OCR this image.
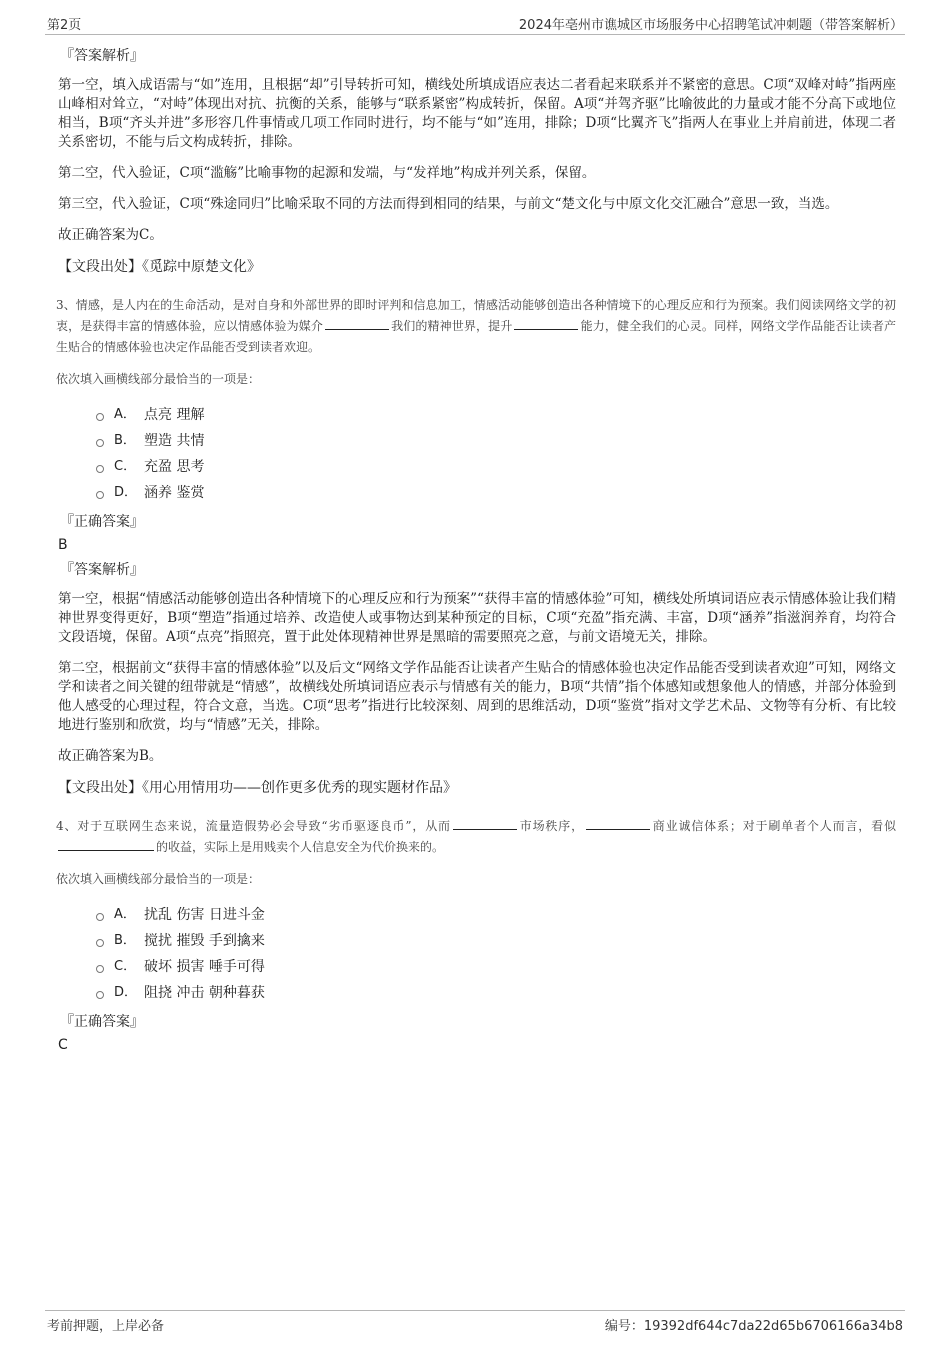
第2页	2024年亳州市谯城区市场服务中心招聘笔试冲刺题（带答案解析）
『答案解析』

第一空，填入成语需与“如”连用，且根据“却”引导转折可知，横线处所填成语应表达二者看起来联系并不紧密的意思。C项“双峰对峙”指两座山峰相对耸立，“对峙”体现出对抗、抗衡的关系，能够与“联系紧密”构成转折，保留。A项“并驾齐驱”比喻彼此的力量或才能不分高下或地位相当，B项“齐头并进”多形容几件事情或几项工作同时进行，均不能与“如”连用，排除；D项“比翼齐飞”指两人在事业上并肩前进，体现二者关系密切，不能与后文构成转折，排除。

第二空，代入验证，C项“滥觞”比喻事物的起源和发端，与“发祥地”构成并列关系，保留。

第三空，代入验证，C项“殊途同归”比喻采取不同的方法而得到相同的结果，与前文“楚文化与中原文化交汇融合”意思一致，当选。

故正确答案为C。

【文段出处】《觅踪中原楚文化》
3、情感，是人内在的生命活动，是对自身和外部世界的即时评判和信息加工，情感活动能够创造出各种情境下的心理反应和行为预案。我们阅读网络文学的初衷，是获得丰富的情感体验，应以情感体验为媒介	我们的精神世界，提升	能力，健全我们的心灵。同样，网络文学作品能否让读者产生贴合的情感体验也决定作品能否受到读者欢迎。
依次填入画横线部分最恰当的一项是：
A． 点亮 理解
B． 塑造 共情
C． 充盈 思考
D． 涵养 鉴赏
『正确答案』
B
『答案解析』

第一空，根据“情感活动能够创造出各种情境下的心理反应和行为预案”“获得丰富的情感体验”可知，横线处所填词语应表示情感体验让我们精神世界变得更好，B项“塑造”指通过培养、改造使人或事物达到某种预定的目标，C项“充盈”指充满、丰富，D项“涵养”指滋润养育，均符合文段语境，保留。A项“点亮”指照亮，置于此处体现精神世界是黑暗的需要照亮之意，与前文语境无关，排除。

第二空，根据前文“获得丰富的情感体验”以及后文“网络文学作品能否让读者产生贴合的情感体验也决定作品能否受到读者欢迎”可知，网络文学和读者之间关键的纽带就是“情感”，故横线处所填词语应表示与情感有关的能力，B项“共情”指个体感知或想象他人的情感，并部分体验到他人感受的心理过程，符合文意，当选。C项“思考”指进行比较深刻、周到的思维活动，D项“鉴赏”指对文学艺术品、文物等有分析、有比较地进行鉴别和欣赏，均与“情感”无关，排除。

故正确答案为B。

【文段出处】《用心用情用功——创作更多优秀的现实题材作品》
4、对于互联网生态来说，流量造假势必会导致“劣币驱逐良币”，从而	市场秩序，	商业诚信体系；对于刷单者个人而言，看似的收益，实际上是用贱卖个人信息安全为代价换来的。
依次填入画横线部分最恰当的一项是：
A． 扰乱 伤害 日进斗金
B． 搅扰 摧毁 手到擒来
C． 破坏 损害 唾手可得
D． 阻挠 冲击 朝种暮获
『正确答案』
C
考前押题，上岸必备	编号：19392df644c7da22d65b6706166a34b8
